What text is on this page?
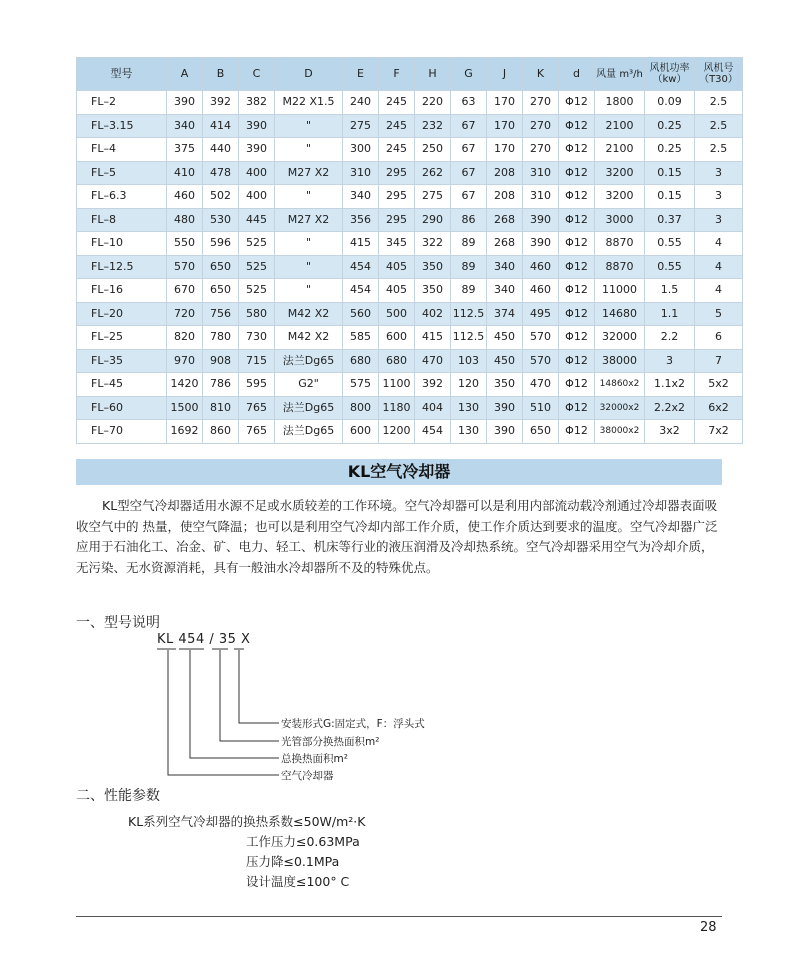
型号	A	B	C	D	E	F	H	G	J	K	d	风量 m³/h	风机功率 （kw）	风机号 （T30）
FL–2	390	392	382	M22 X1.5	240	245	220	63	170	270	Φ12	1800	0.09	2.5
FL–3.15	340	414	390	"	275	245	232	67	170	270	Φ12	2100	0.25	2.5
FL–4	375	440	390	"	300	245	250	67	170	270	Φ12	2100	0.25	2.5
FL–5	410	478	400	M27 X2	310	295	262	67	208	310	Φ12	3200	0.15	3
FL–6.3	460	502	400	"	340	295	275	67	208	310	Φ12	3200	0.15	3
FL–8	480	530	445	M27 X2	356	295	290	86	268	390	Φ12	3000	0.37	3
FL–10	550	596	525	"	415	345	322	89	268	390	Φ12	8870	0.55	4
FL–12.5	570	650	525	"	454	405	350	89	340	460	Φ12	8870	0.55	4
FL–16	670	650	525	"	454	405	350	89	340	460	Φ12	11000	1.5	4
FL–20	720	756	580	M42 X2	560	500	402	112.5	374	495	Φ12	14680	1.1	5
FL–25	820	780	730	M42 X2	585	600	415	112.5	450	570	Φ12	32000	2.2	6
FL–35	970	908	715	法兰Dg65	680	680	470	103	450	570	Φ12	38000	3	7
FL–45	1420	786	595	G2"	575	1100	392	120	350	470	Φ12	14860x2	1.1x2	5x2
FL–60	1500	810	765	法兰Dg65	800	1180	404	130	390	510	Φ12	32000x2	2.2x2	6x2
FL–70	1692	860	765	法兰Dg65	600	1200	454	130	390	650	Φ12	38000x2	3x2	7x2
KL空气冷却器

KL型空气冷却器适用水源不足或水质较差的工作环境。空气冷却器可以是利用内部流动载冷剂通过冷却器表面吸收空气中的 热量，使空气降温；也可以是利用空气冷却内部工作介质，使工作介质达到要求的温度。空气冷却器广泛应用于石油化工、冶金、矿、电力、轻工、机床等行业的液压润滑及冷却热系统。空气冷却器采用空气为冷却介质，无污染、无水资源消耗，具有一般油水冷却器所不及的特殊优点。

一、型号说明
KL 454 / 35 X
安装形式G:固定式，F：浮头式
光管部分换热面积m²
总换热面积m²
空气冷却器
二、性能参数
KL系列空气冷却器的换热系数≤50W/m²·K
工作压力≤0.63MPa
压力降≤0.1MPa
设计温度≤100° C
28
